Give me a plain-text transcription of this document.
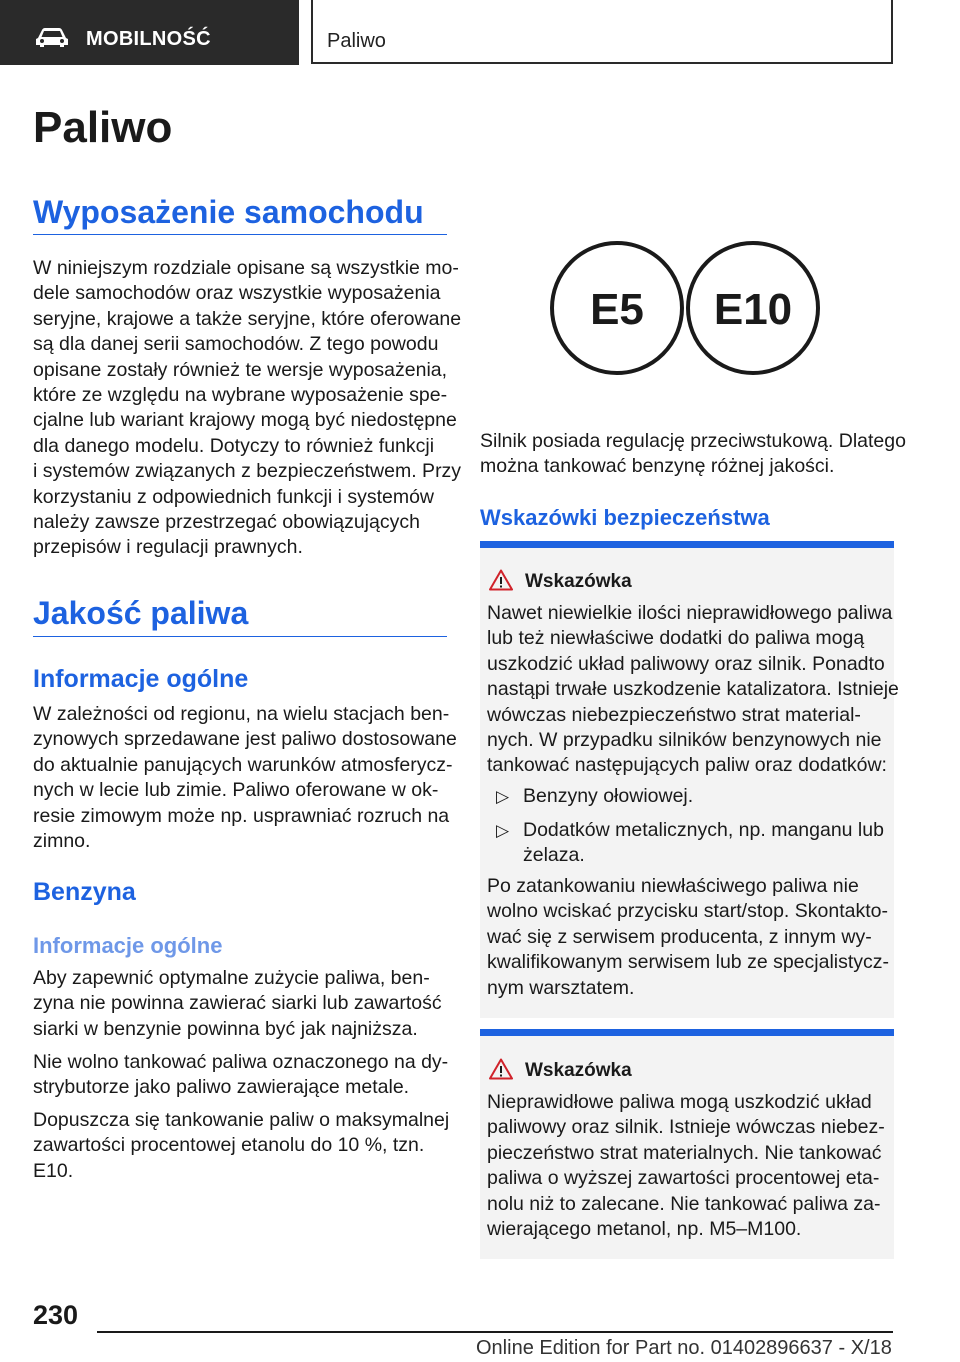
MOBILNOŚĆ	Paliwo
Paliwo
Wyposażenie samochodu
W niniejszym rozdziale opisane są wszystkie mo-
dele samochodów oraz wszystkie wyposażenia
seryjne, krajowe a także seryjne, które oferowane
są dla danej serii samochodów. Z tego powodu
opisane zostały również te wersje wyposażenia,
które ze względu na wybrane wyposażenie spe-
cjalne lub wariant krajowy mogą być niedostępne
dla danego modelu. Dotyczy to również funkcji
i systemów związanych z bezpieczeństwem. Przy
korzystaniu z odpowiednich funkcji i systemów
należy zawsze przestrzegać obowiązujących
przepisów i regulacji prawnych.
Jakość paliwa
Informacje ogólne
W zależności od regionu, na wielu stacjach ben-
zynowych sprzedawane jest paliwo dostosowane
do aktualnie panujących warunków atmosferycz-
nych w lecie lub zimie. Paliwo oferowane w ok-
resie zimowym może np. usprawniać rozruch na
zimno.
Benzyna
Informacje ogólne
Aby zapewnić optymalne zużycie paliwa, ben-
zyna nie powinna zawierać siarki lub zawartość
siarki w benzynie powinna być jak najniższa.
Nie wolno tankować paliwa oznaczonego na dy-
strybutorze jako paliwo zawierające metale.
Dopuszcza się tankowanie paliw o maksymalnej
zawartości procentowej etanolu do 10 %, tzn.
E10.
E5	E10
Silnik posiada regulację przeciwstukową. Dlatego
można tankować benzynę różnej jakości.
Wskazówki bezpieczeństwa
Wskazówka
Nawet niewielkie ilości nieprawidłowego paliwa
lub też niewłaściwe dodatki do paliwa mogą
uszkodzić układ paliwowy oraz silnik. Ponadto
nastąpi trwałe uszkodzenie katalizatora. Istnieje
wówczas niebezpieczeństwo strat material-
nych. W przypadku silników benzynowych nie
tankować następujących paliw oraz dodatków:
▷ Benzyny ołowiowej.
▷ Dodatków metalicznych, np. manganu lub
żelaza.
Po zatankowaniu niewłaściwego paliwa nie
wolno wciskać przycisku start/stop. Skontakto-
wać się z serwisem producenta, z innym wy-
kwalifikowanym serwisem lub ze specjalistycz-
nym warsztatem.
Wskazówka
Nieprawidłowe paliwa mogą uszkodzić układ
paliwowy oraz silnik. Istnieje wówczas niebez-
pieczeństwo strat materialnych. Nie tankować
paliwa o wyższej zawartości procentowej eta-
nolu niż to zalecane. Nie tankować paliwa za-
wierającego metanol, np. M5–M100.
230
Online Edition for Part no. 01402896637 - X/18
